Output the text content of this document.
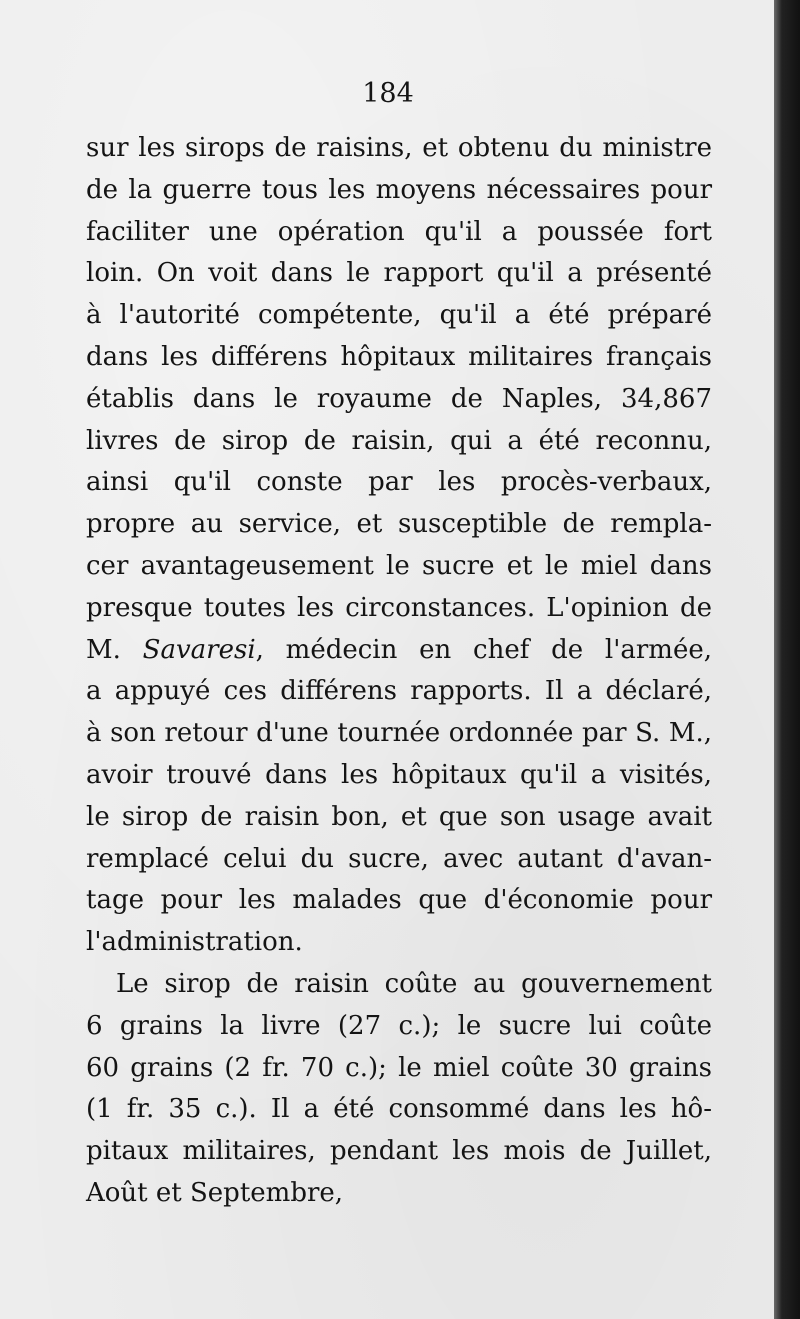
184
sur les sirops de raisins, et obtenu du ministre
de la guerre tous les moyens nécessaires pour
faciliter une opération qu'il a poussée fort
loin. On voit dans le rapport qu'il a présenté
à l'autorité compétente, qu'il a été préparé
dans les différens hôpitaux militaires français
établis dans le royaume de Naples, 34,867
livres de sirop de raisin, qui a été reconnu,
ainsi qu'il conste par les procès-verbaux,
propre au service, et susceptible de rempla-
cer avantageusement le sucre et le miel dans
presque toutes les circonstances. L'opinion de
M. Savaresi, médecin en chef de l'armée,
a appuyé ces différens rapports. Il a déclaré,
à son retour d'une tournée ordonnée par S. M.,
avoir trouvé dans les hôpitaux qu'il a visités,
le sirop de raisin bon, et que son usage avait
remplacé celui du sucre, avec autant d'avan-
tage pour les malades que d'économie pour
l'administration.
Le sirop de raisin coûte au gouvernement
6 grains la livre (27 c.); le sucre lui coûte
60 grains (2 fr. 70 c.); le miel coûte 30 grains
(1 fr. 35 c.). Il a été consommé dans les hô-
pitaux militaires, pendant les mois de Juillet,
Août et Septembre,
